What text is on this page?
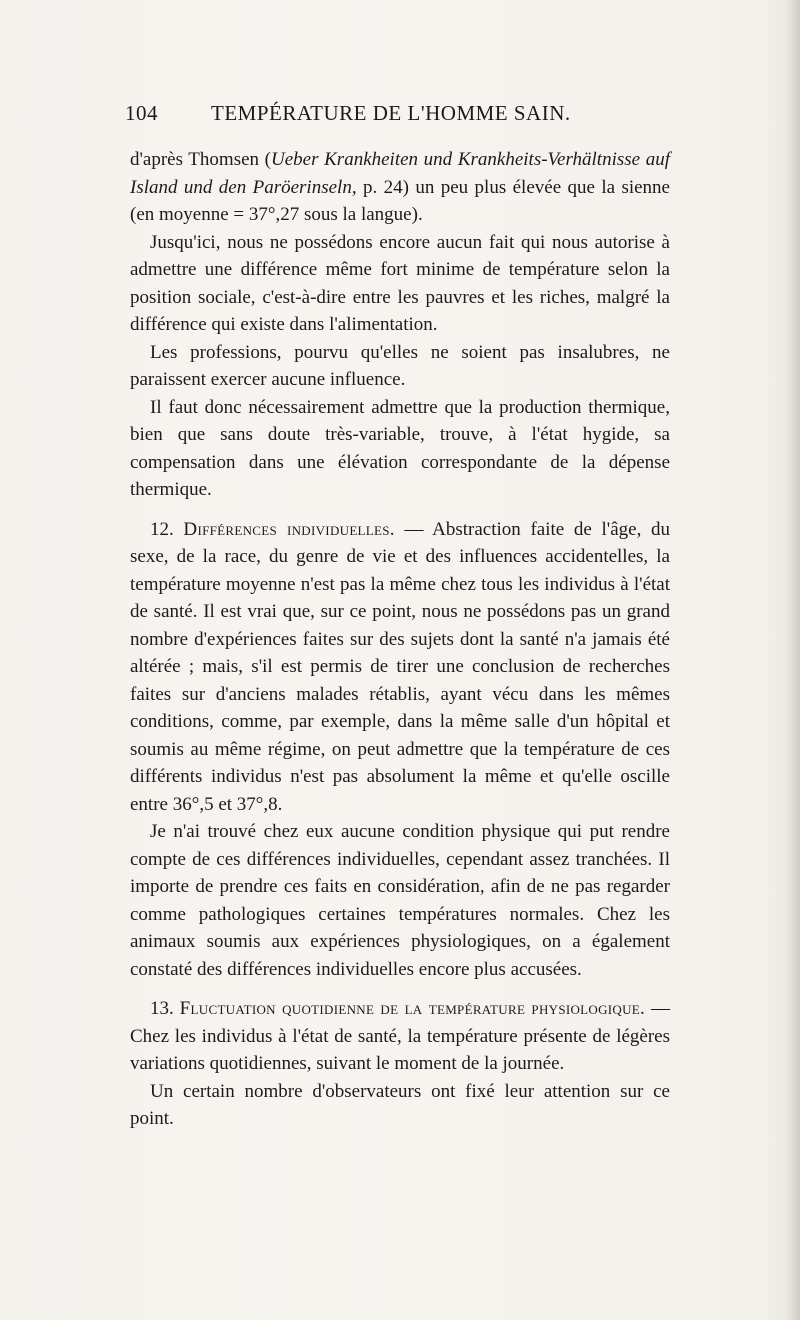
104	TEMPÉRATURE DE L'HOMME SAIN.

d'après Thomsen (Ueber Krankheiten und Krankheits-Verhältnisse auf Island und den Paröerinseln, p. 24) un peu plus élevée que la sienne (en moyenne = 37°,27 sous la langue).

Jusqu'ici, nous ne possédons encore aucun fait qui nous autorise à admettre une différence même fort minime de température selon la position sociale, c'est-à-dire entre les pauvres et les riches, malgré la différence qui existe dans l'alimentation.

Les professions, pourvu qu'elles ne soient pas insalubres, ne paraissent exercer aucune influence.

Il faut donc nécessairement admettre que la production thermique, bien que sans doute très-variable, trouve, à l'état hygide, sa compensation dans une élévation correspondante de la dépense thermique.

12. Différences individuelles. — Abstraction faite de l'âge, du sexe, de la race, du genre de vie et des influences accidentelles, la température moyenne n'est pas la même chez tous les individus à l'état de santé. Il est vrai que, sur ce point, nous ne possédons pas un grand nombre d'expériences faites sur des sujets dont la santé n'a jamais été altérée ; mais, s'il est permis de tirer une conclusion de recherches faites sur d'anciens malades rétablis, ayant vécu dans les mêmes conditions, comme, par exemple, dans la même salle d'un hôpital et soumis au même régime, on peut admettre que la température de ces différents individus n'est pas absolument la même et qu'elle oscille entre 36°,5 et 37°,8.

Je n'ai trouvé chez eux aucune condition physique qui put rendre compte de ces différences individuelles, cependant assez tranchées. Il importe de prendre ces faits en considération, afin de ne pas regarder comme pathologiques certaines températures normales. Chez les animaux soumis aux expériences physiologiques, on a également constaté des différences individuelles encore plus accusées.

13. Fluctuation quotidienne de la température physiologique. — Chez les individus à l'état de santé, la température présente de légères variations quotidiennes, suivant le moment de la journée.

Un certain nombre d'observateurs ont fixé leur attention sur ce point.
